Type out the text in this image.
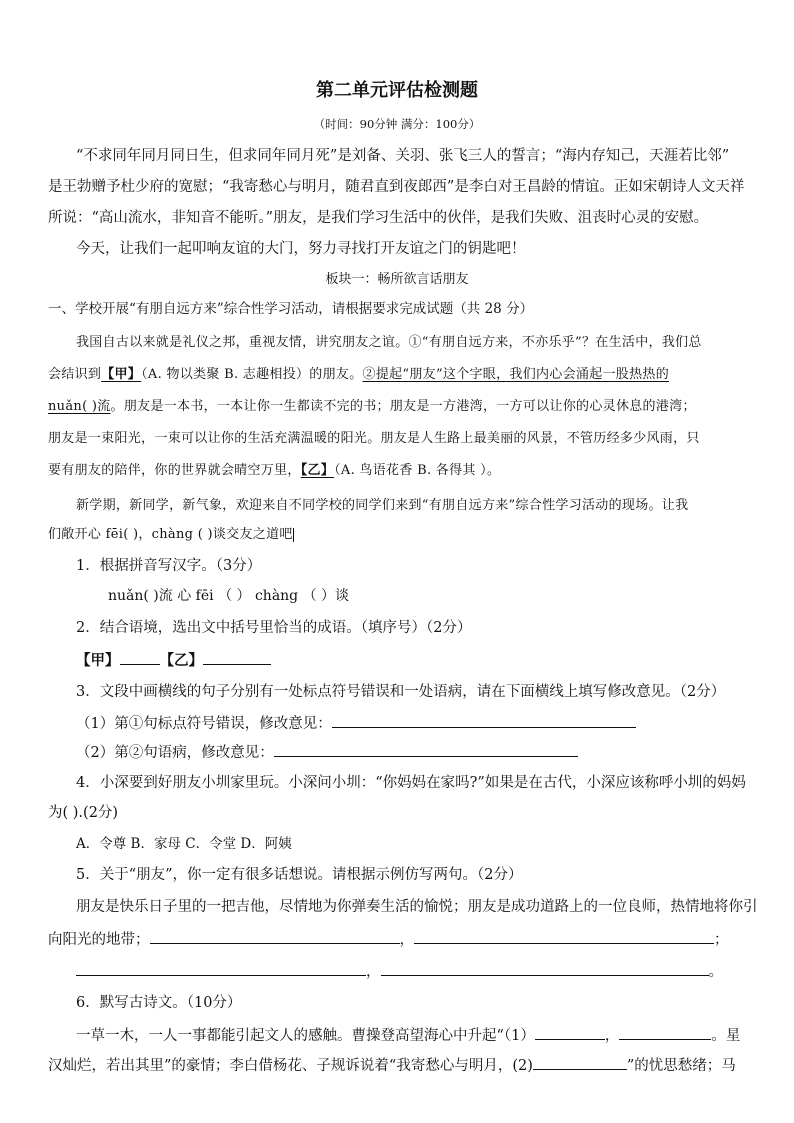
第二单元评估检测题
（时间：90分钟 满分：100分）
“不求同年同月同日生，但求同年同月死”是刘备、关羽、张飞三人的誓言；“海内存知己，天涯若比邻”
是王勃赠予杜少府的宽慰；“我寄愁心与明月，随君直到夜郎西”是李白对王昌龄的情谊。正如宋朝诗人文天祥
所说：“高山流水，非知音不能听。”朋友，是我们学习生活中的伙伴，是我们失败、沮丧时心灵的安慰。
今天，让我们一起叩响友谊的大门，努力寻找打开友谊之门的钥匙吧！
板块一：畅所欲言话朋友
一、学校开展“有朋自远方来”综合性学习活动，请根据要求完成试题（共 28 分）
我国自古以来就是礼仪之邦，重视友情，讲究朋友之谊。①“有朋自远方来，不亦乐乎”？在生活中，我们总
会结识到【甲】（A. 物以类聚 B. 志趣相投）的朋友。②提起“朋友”这个字眼，我们内心会涌起一股热热的
nuǎn( )流。朋友是一本书，一本让你一生都读不完的书；朋友是一方港湾，一方可以让你的心灵休息的港湾；
朋友是一束阳光，一束可以让你的生活充满温暖的阳光。朋友是人生路上最美丽的风景，不管历经多少风雨，只
要有朋友的陪伴，你的世界就会晴空万里，【乙】（A. 鸟语花香 B. 各得其 ）。
新学期，新同学，新气象，欢迎来自不同学校的同学们来到“有朋自远方来”综合性学习活动的现场。让我
们敞开心 fēi( )，chàng ( )谈交友之道吧
1．根据拼音写汉字。（3分）
nuǎn( )流 心 fēi （ ） chàng （ ）谈
2．结合语境，选出文中括号里恰当的成语。（填序号）（2分）
【甲】	【乙】
3．文段中画横线的句子分别有一处标点符号错误和一处语病，请在下面横线上填写修改意见。（2分）
（1）第①句标点符号错误，修改意见：
（2）第②句语病，修改意见：
4．小深要到好朋友小圳家里玩。小深问小圳：“你妈妈在家吗?”如果是在古代，小深应该称呼小圳的妈妈
为( ).(2分)
A．令尊 B．家母 C．令堂 D．阿姨
5．关于“朋友”，你一定有很多话想说。请根据示例仿写两句。（2分）
朋友是快乐日子里的一把吉他，尽情地为你弹奏生活的愉悦；朋友是成功道路上的一位良师，热情地将你引
向阳光的地带；	，	；
，	。
6．默写古诗文。（10分）
一草一木，一人一事都能引起文人的感触。曹操登高望海心中升起“（1）	，	。星
汉灿烂，若出其里”的豪情；李白借杨花、子规诉说着“我寄愁心与明月，(2)	”的忧思愁绪；马
